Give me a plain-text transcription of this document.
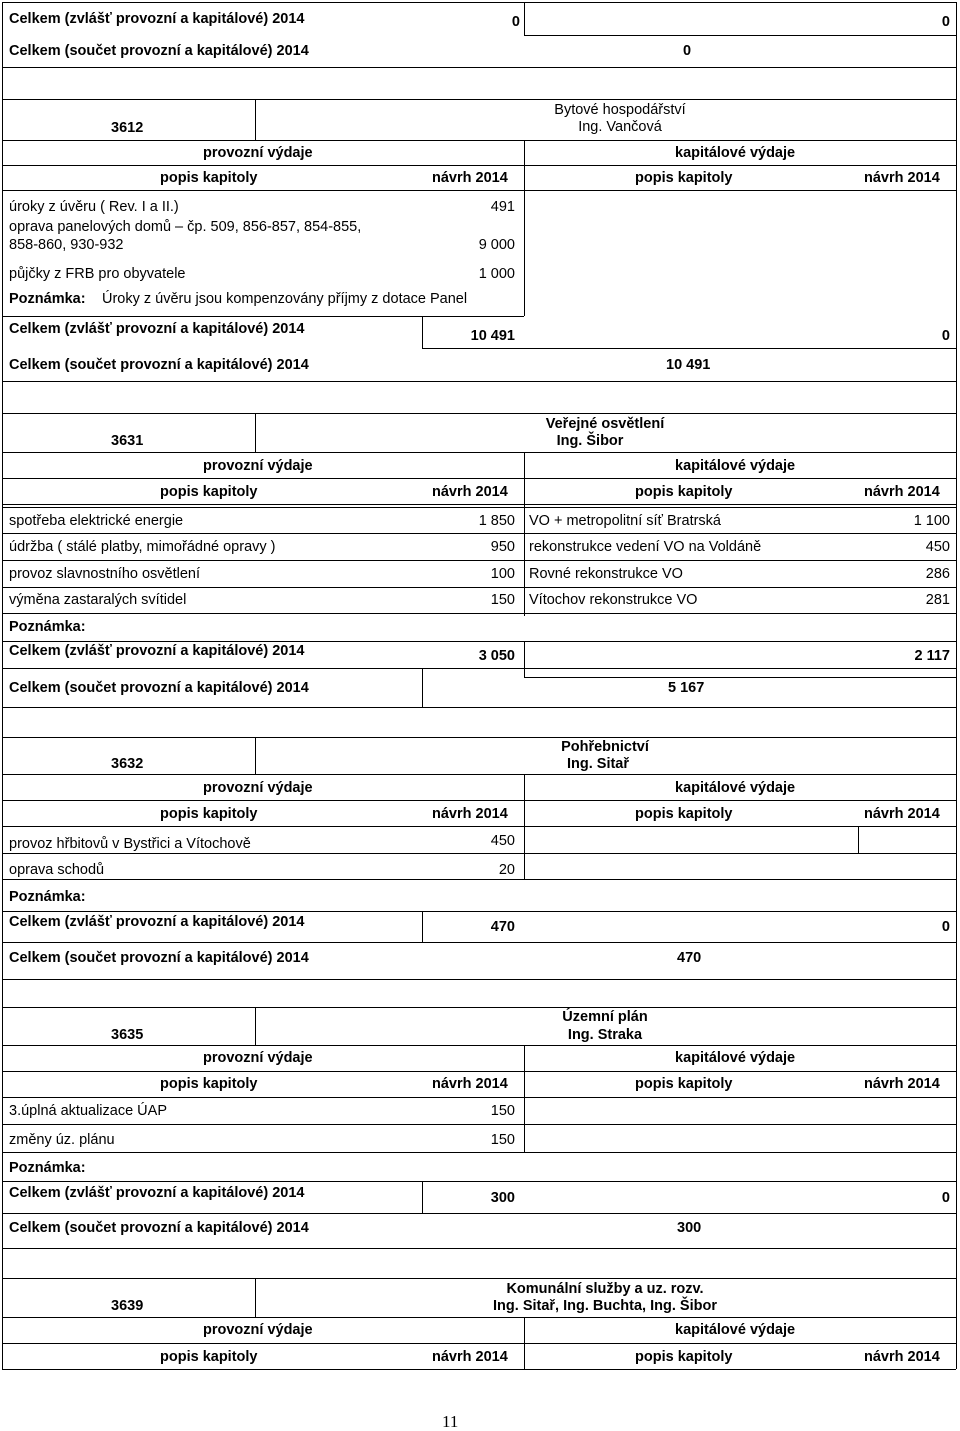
Celkem (zvlášť provozní a kapitálové) 2014	0	0
Celkem (součet provozní a kapitálové) 2014	0
3612
Bytové hospodářství
Ing. Vančová
provozní výdaje	kapitálové výdaje
popis kapitoly	návrh 2014	popis kapitoly	návrh 2014
úroky z úvěru ( Rev. I a II.)	491
oprava panelových domů – čp. 509, 856-857, 854-855,
858-860, 930-932	9 000
půjčky z FRB pro obyvatele	1 000
Poznámka: Úroky z úvěru jsou kompenzovány příjmy z dotace Panel
Celkem (zvlášť provozní a kapitálové) 2014	10 491	0
Celkem (součet provozní a kapitálové) 2014	10 491
3631
Veřejné osvětlení
Ing. Šibor
provozní výdaje	kapitálové výdaje
popis kapitoly	návrh 2014	popis kapitoly	návrh 2014
spotřeba elektrické energie	1 850 VO + metropolitní síť Bratrská	1 100
údržba ( stálé platby, mimořádné opravy )	950 rekonstrukce vedení VO na Voldáně	450
provoz slavnostního osvětlení	100 Rovné rekonstrukce VO	286
výměna zastaralých svítidel	150 Vítochov rekonstrukce VO	281
Poznámka:
Celkem (zvlášť provozní a kapitálové) 2014	3 050	2 117
Celkem (součet provozní a kapitálové) 2014	5 167
3632
Pohřebnictví
Ing. Sitař
provozní výdaje	kapitálové výdaje
popis kapitoly	návrh 2014	popis kapitoly	návrh 2014
provoz hřbitovů v Bystřici a Vítochově	450
oprava schodů	20
Poznámka:
Celkem (zvlášť provozní a kapitálové) 2014	470	0
Celkem (součet provozní a kapitálové) 2014	470
3635
Územní plán
Ing. Straka
provozní výdaje	kapitálové výdaje
popis kapitoly	návrh 2014	popis kapitoly	návrh 2014
3.úplná aktualizace ÚAP	150
změny úz. plánu	150
Poznámka:
Celkem (zvlášť provozní a kapitálové) 2014	300	0
Celkem (součet provozní a kapitálové) 2014	300
3639
Komunální služby a uz. rozv.
Ing. Sitař, Ing. Buchta, Ing. Šibor
provozní výdaje	kapitálové výdaje
popis kapitoly	návrh 2014	popis kapitoly	návrh 2014
11
